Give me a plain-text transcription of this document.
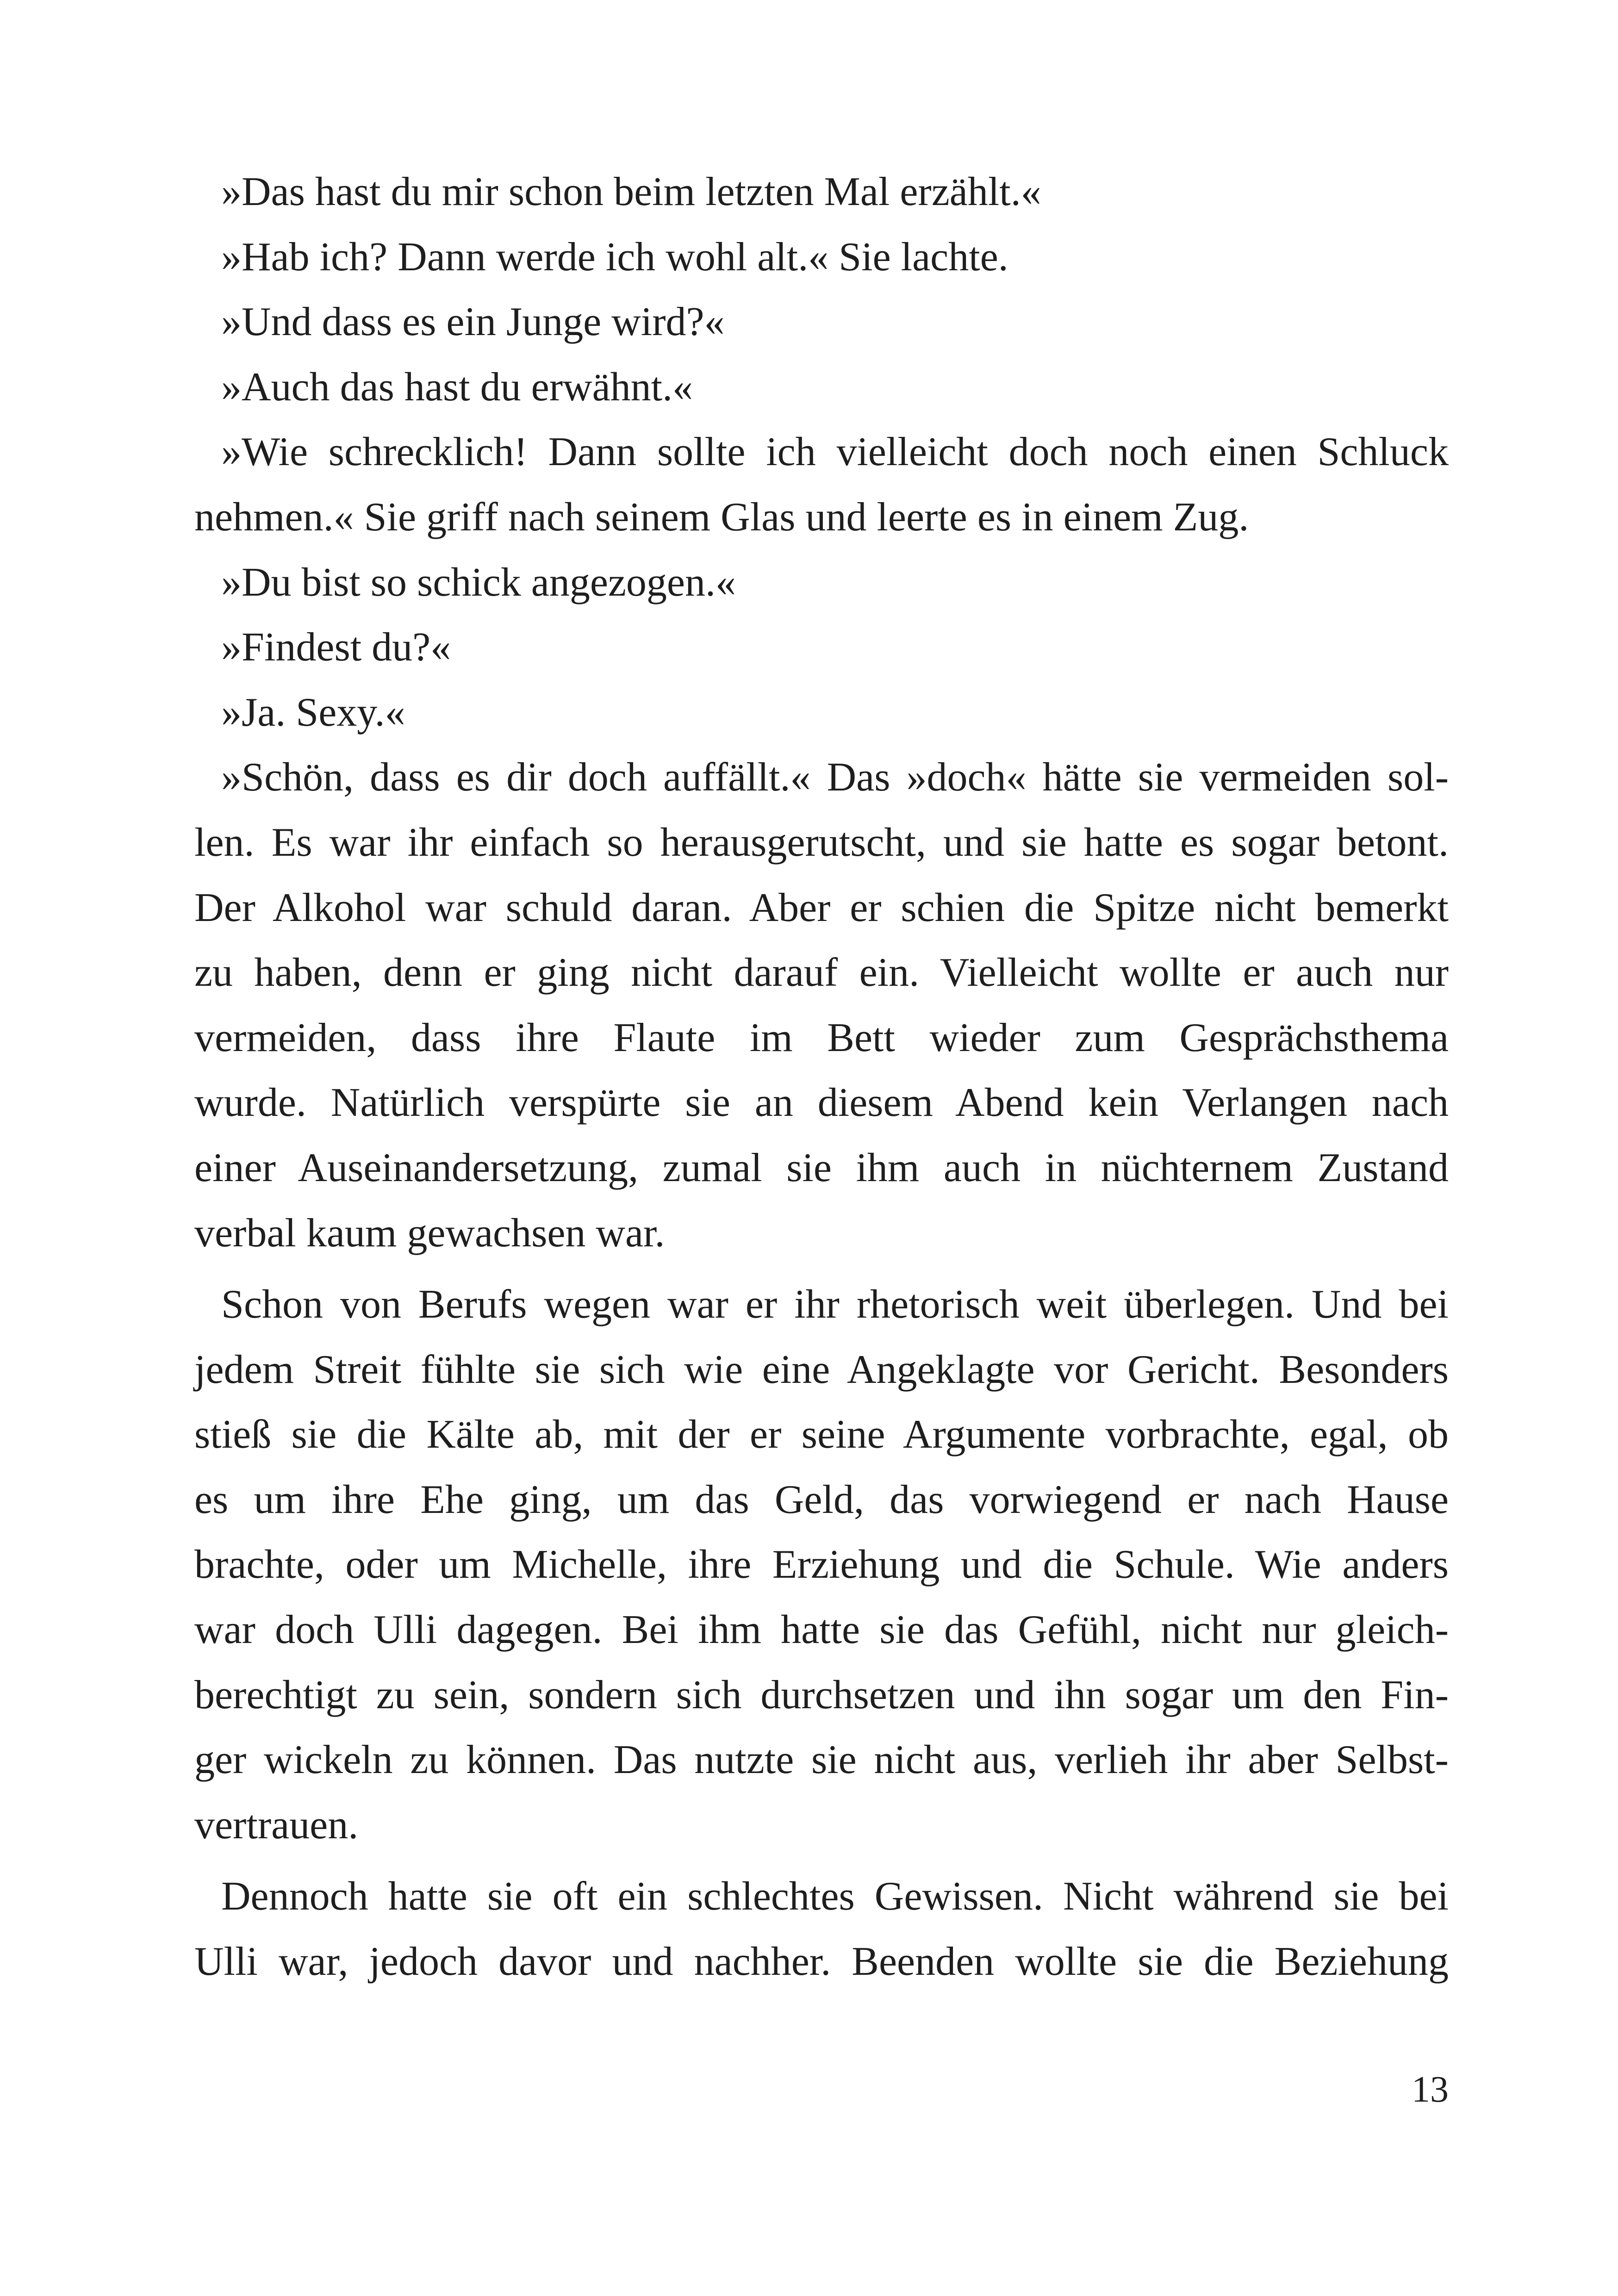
»Das hast du mir schon beim letzten Mal erzählt.«
»Hab ich? Dann werde ich wohl alt.« Sie lachte.
»Und dass es ein Junge wird?«
»Auch das hast du erwähnt.«
»Wie schrecklich! Dann sollte ich vielleicht doch noch einen Schluck
nehmen.« Sie griff nach seinem Glas und leerte es in einem Zug.
»Du bist so schick angezogen.«
»Findest du?«
»Ja. Sexy.«
»Schön, dass es dir doch auffällt.« Das »doch« hätte sie vermeiden sol-
len. Es war ihr einfach so herausgerutscht, und sie hatte es sogar betont.
Der Alkohol war schuld daran. Aber er schien die Spitze nicht bemerkt
zu haben, denn er ging nicht darauf ein. Vielleicht wollte er auch nur
vermeiden, dass ihre Flaute im Bett wieder zum Gesprächsthema
wurde. Natürlich verspürte sie an diesem Abend kein Verlangen nach
einer Auseinandersetzung, zumal sie ihm auch in nüchternem Zustand
verbal kaum gewachsen war.
Schon von Berufs wegen war er ihr rhetorisch weit überlegen. Und bei
jedem Streit fühlte sie sich wie eine Angeklagte vor Gericht. Besonders
stieß sie die Kälte ab, mit der er seine Argumente vorbrachte, egal, ob
es um ihre Ehe ging, um das Geld, das vorwiegend er nach Hause
brachte, oder um Michelle, ihre Erziehung und die Schule. Wie anders
war doch Ulli dagegen. Bei ihm hatte sie das Gefühl, nicht nur gleich-
berechtigt zu sein, sondern sich durchsetzen und ihn sogar um den Fin-
ger wickeln zu können. Das nutzte sie nicht aus, verlieh ihr aber Selbst-
vertrauen.
Dennoch hatte sie oft ein schlechtes Gewissen. Nicht während sie bei
Ulli war, jedoch davor und nachher. Beenden wollte sie die Beziehung
13
